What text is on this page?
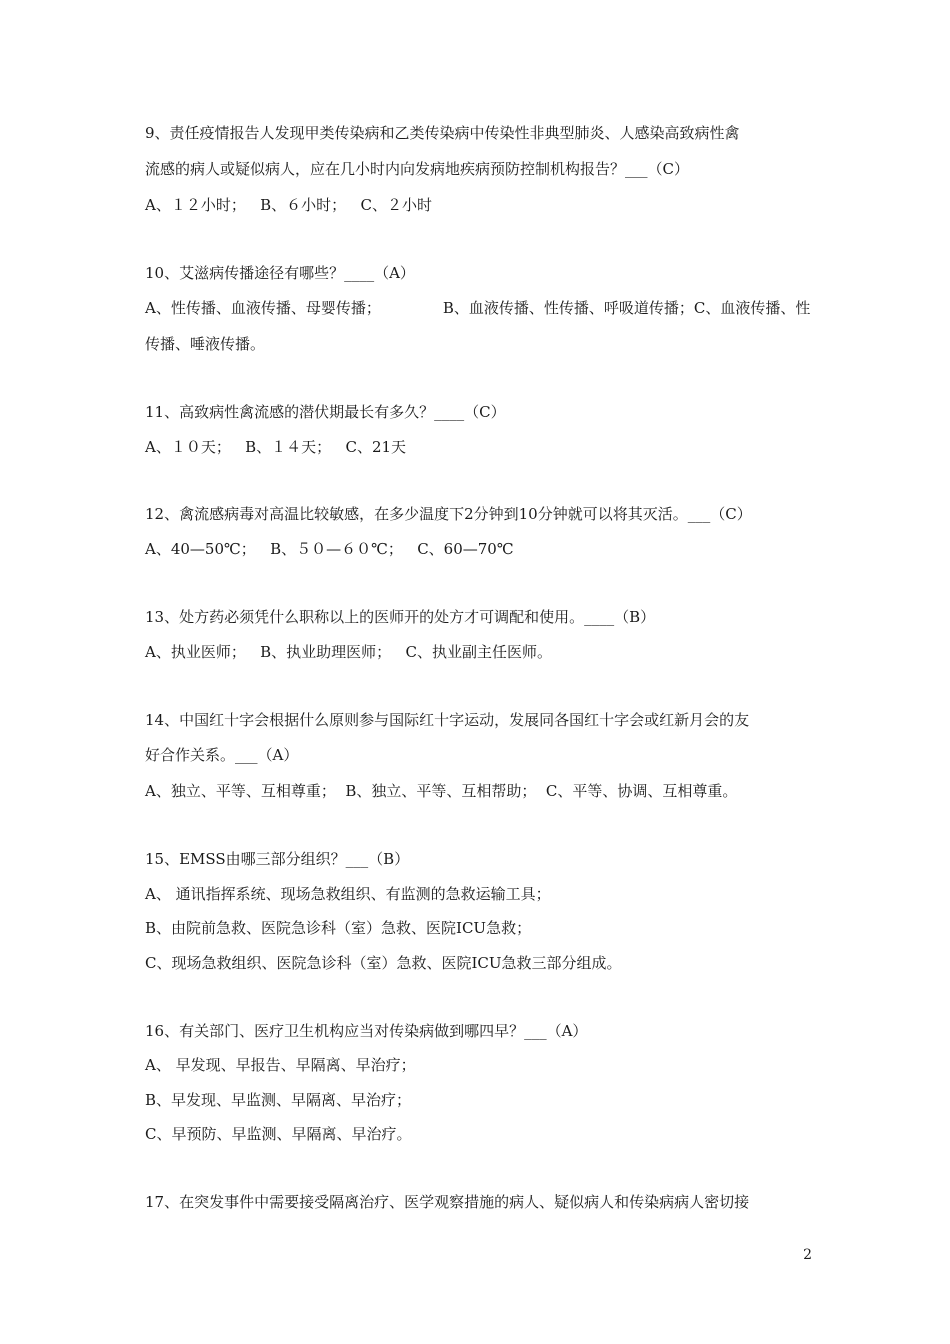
9、责任疫情报告人发现甲类传染病和乙类传染病中传染性非典型肺炎、人感染高致病性禽
流感的病人或疑似病人，应在几小时内向发病地疾病预防控制机构报告？___（C）
A、１２小时；   B、６小时；   C、２小时
10、艾滋病传播途径有哪些？____（A）
A、性传播、血液传播、母婴传播；             B、血液传播、性传播、呼吸道传播；C、血液传播、性
传播、唾液传播。
11、高致病性禽流感的潜伏期最长有多久？____（C）
A、１０天；   B、１４天；   C、21天
12、禽流感病毒对高温比较敏感，在多少温度下2分钟到10分钟就可以将其灭活。___（C）
A、40—50℃；   B、５０—６０℃；   C、60—70℃
13、处方药必须凭什么职称以上的医师开的处方才可调配和使用。____（B）
A、执业医师；   B、执业助理医师；   C、执业副主任医师。
14、中国红十字会根据什么原则参与国际红十字运动，发展同各国红十字会或红新月会的友
好合作关系。___（A）
A、独立、平等、互相尊重；  B、独立、平等、互相帮助；  C、平等、协调、互相尊重。
15、EMSS由哪三部分组织？___（B）
A、 通讯指挥系统、现场急救组织、有监测的急救运输工具；
B、由院前急救、医院急诊科（室）急救、医院ICU急救；
C、现场急救组织、医院急诊科（室）急救、医院ICU急救三部分组成。
16、有关部门、医疗卫生机构应当对传染病做到哪四早？___（A）
A、 早发现、早报告、早隔离、早治疗；
B、早发现、早监测、早隔离、早治疗；
C、早预防、早监测、早隔离、早治疗。
17、在突发事件中需要接受隔离治疗、医学观察措施的病人、疑似病人和传染病病人密切接
2
